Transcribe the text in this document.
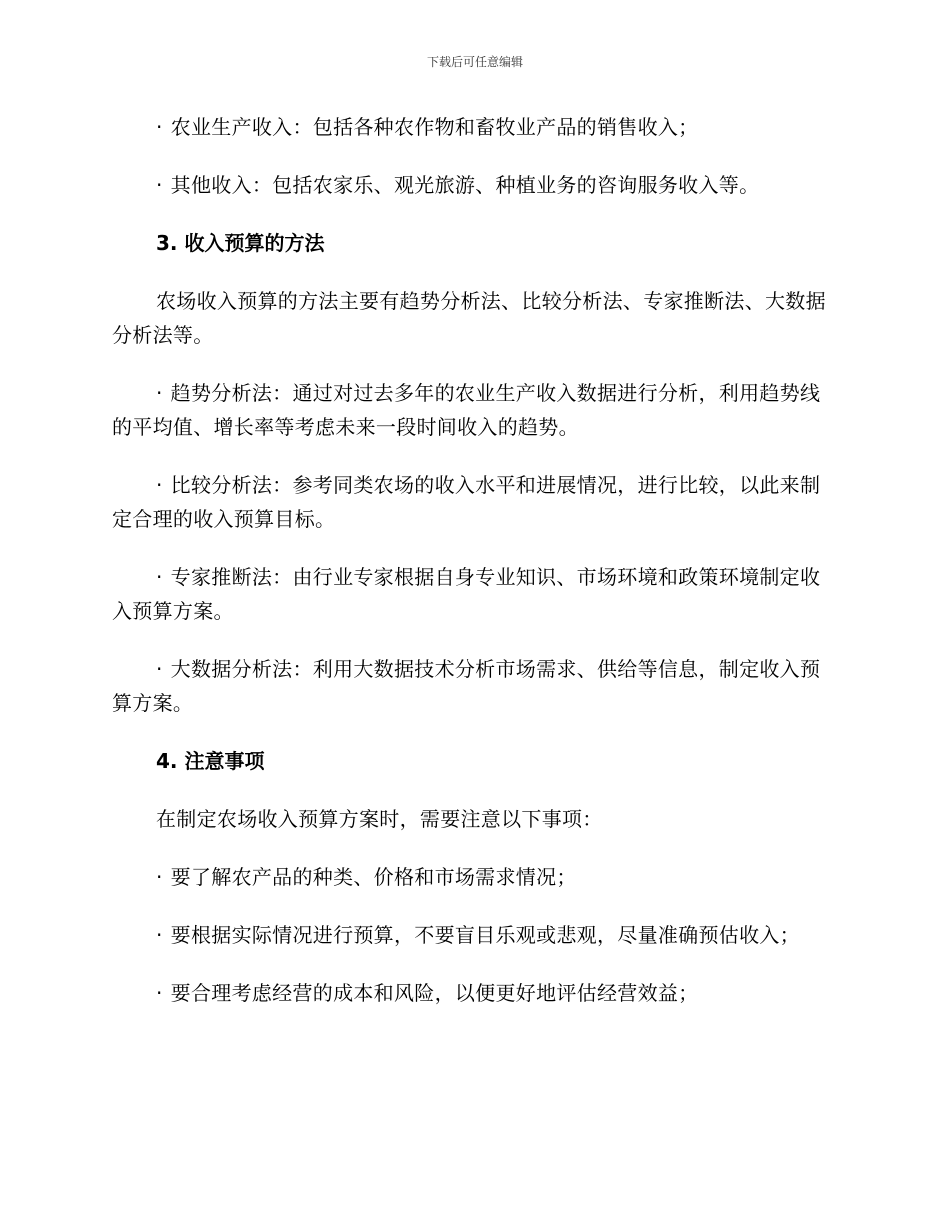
下载后可任意编辑

· 农业生产收入：包括各种农作物和畜牧业产品的销售收入；

· 其他收入：包括农家乐、观光旅游、种植业务的咨询服务收入等。

3. 收入预算的方法

农场收入预算的方法主要有趋势分析法、比较分析法、专家推断法、大数据分析法等。

· 趋势分析法：通过对过去多年的农业生产收入数据进行分析，利用趋势线的平均值、增长率等考虑未来一段时间收入的趋势。

· 比较分析法：参考同类农场的收入水平和进展情况，进行比较，以此来制定合理的收入预算目标。

· 专家推断法：由行业专家根据自身专业知识、市场环境和政策环境制定收入预算方案。

· 大数据分析法：利用大数据技术分析市场需求、供给等信息，制定收入预算方案。

4. 注意事项

在制定农场收入预算方案时，需要注意以下事项：

· 要了解农产品的种类、价格和市场需求情况；

· 要根据实际情况进行预算，不要盲目乐观或悲观，尽量准确预估收入；

· 要合理考虑经营的成本和风险，以便更好地评估经营效益；
